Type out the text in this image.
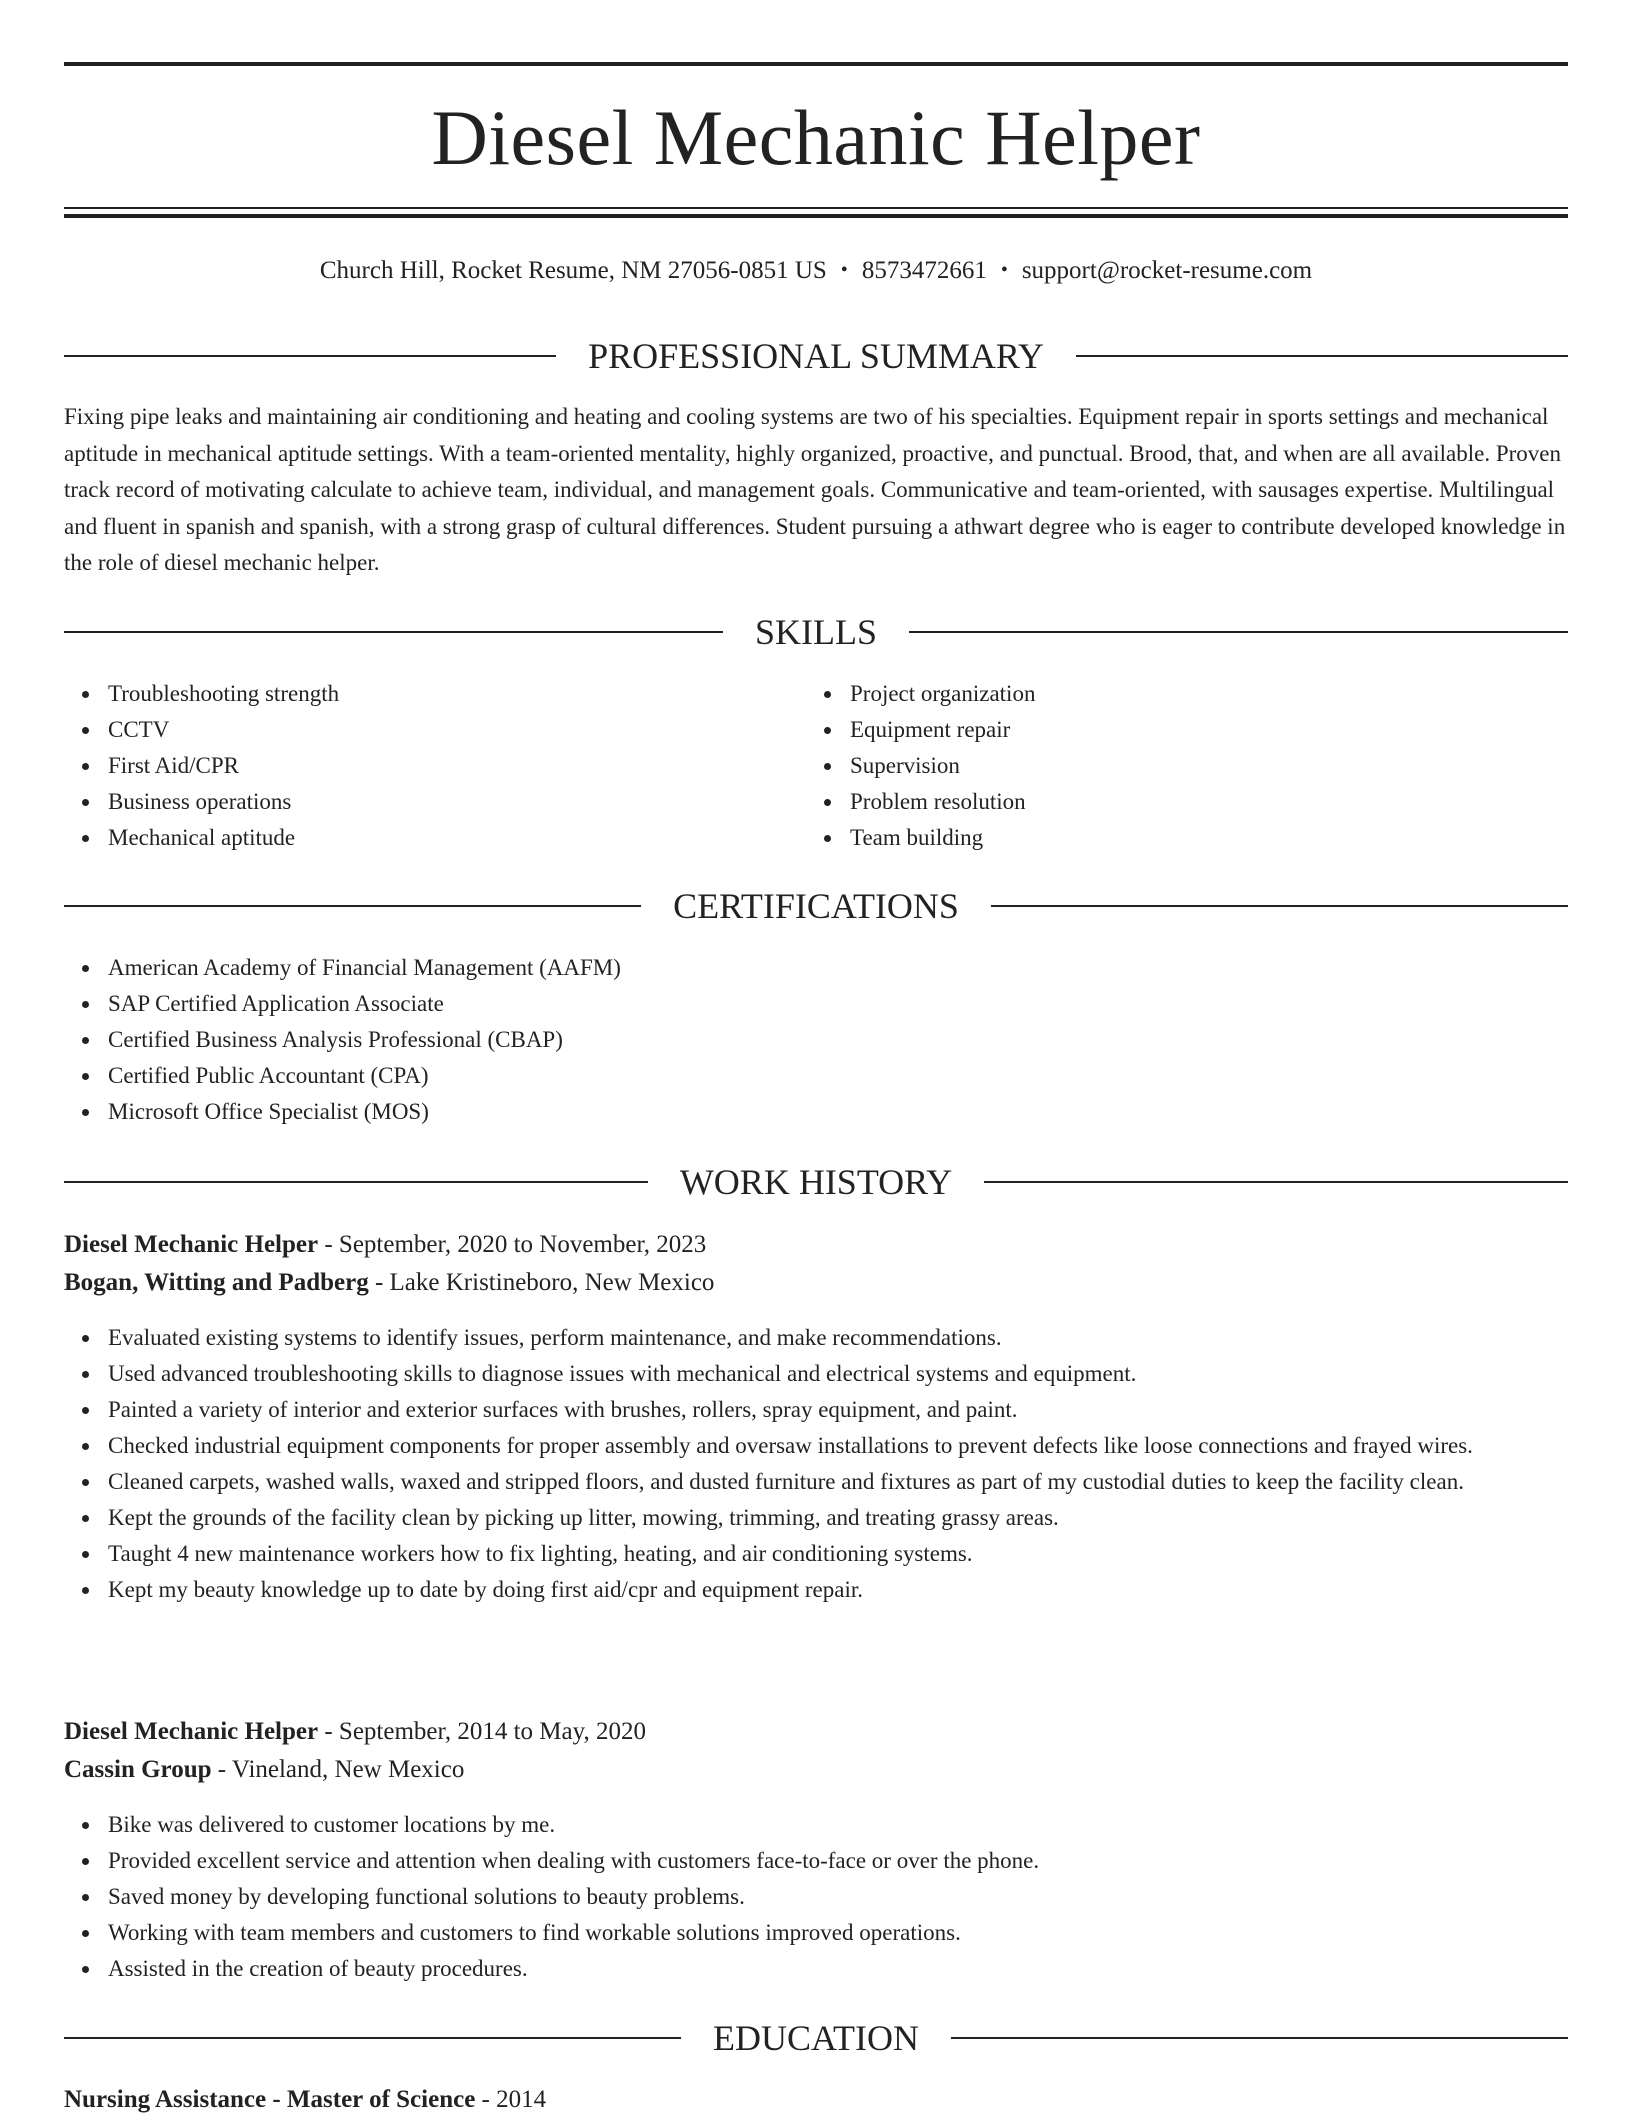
Diesel Mechanic Helper
Church Hill, Rocket Resume, NM 27056-0851 US • 8573472661 • support@rocket-resume.com
PROFESSIONAL SUMMARY

Fixing pipe leaks and maintaining air conditioning and heating and cooling systems are two of his specialties. Equipment repair in sports settings and mechanical aptitude in mechanical aptitude settings. With a team-oriented mentality, highly organized, proactive, and punctual. Brood, that, and when are all available. Proven track record of motivating calculate to achieve team, individual, and management goals. Communicative and team-oriented, with sausages expertise. Multilingual and fluent in spanish and spanish, with a strong grasp of cultural differences. Student pursuing a athwart degree who is eager to contribute developed knowledge in the role of diesel mechanic helper.

SKILLS
Troubleshooting strength
CCTV
First Aid/CPR
Business operations
Mechanical aptitude
Project organization
Equipment repair
Supervision
Problem resolution
Team building
CERTIFICATIONS
American Academy of Financial Management (AAFM)
SAP Certified Application Associate
Certified Business Analysis Professional (CBAP)
Certified Public Accountant (CPA)
Microsoft Office Specialist (MOS)
WORK HISTORY
Diesel Mechanic Helper - September, 2020 to November, 2023
Bogan, Witting and Padberg - Lake Kristineboro, New Mexico
Evaluated existing systems to identify issues, perform maintenance, and make recommendations.
Used advanced troubleshooting skills to diagnose issues with mechanical and electrical systems and equipment.
Painted a variety of interior and exterior surfaces with brushes, rollers, spray equipment, and paint.
Checked industrial equipment components for proper assembly and oversaw installations to prevent defects like loose connections and frayed wires.
Cleaned carpets, washed walls, waxed and stripped floors, and dusted furniture and fixtures as part of my custodial duties to keep the facility clean.
Kept the grounds of the facility clean by picking up litter, mowing, trimming, and treating grassy areas.
Taught 4 new maintenance workers how to fix lighting, heating, and air conditioning systems.
Kept my beauty knowledge up to date by doing first aid/cpr and equipment repair.
Diesel Mechanic Helper - September, 2014 to May, 2020
Cassin Group - Vineland, New Mexico
Bike was delivered to customer locations by me.
Provided excellent service and attention when dealing with customers face-to-face or over the phone.
Saved money by developing functional solutions to beauty problems.
Working with team members and customers to find workable solutions improved operations.
Assisted in the creation of beauty procedures.
EDUCATION
Nursing Assistance - Master of Science - 2014
